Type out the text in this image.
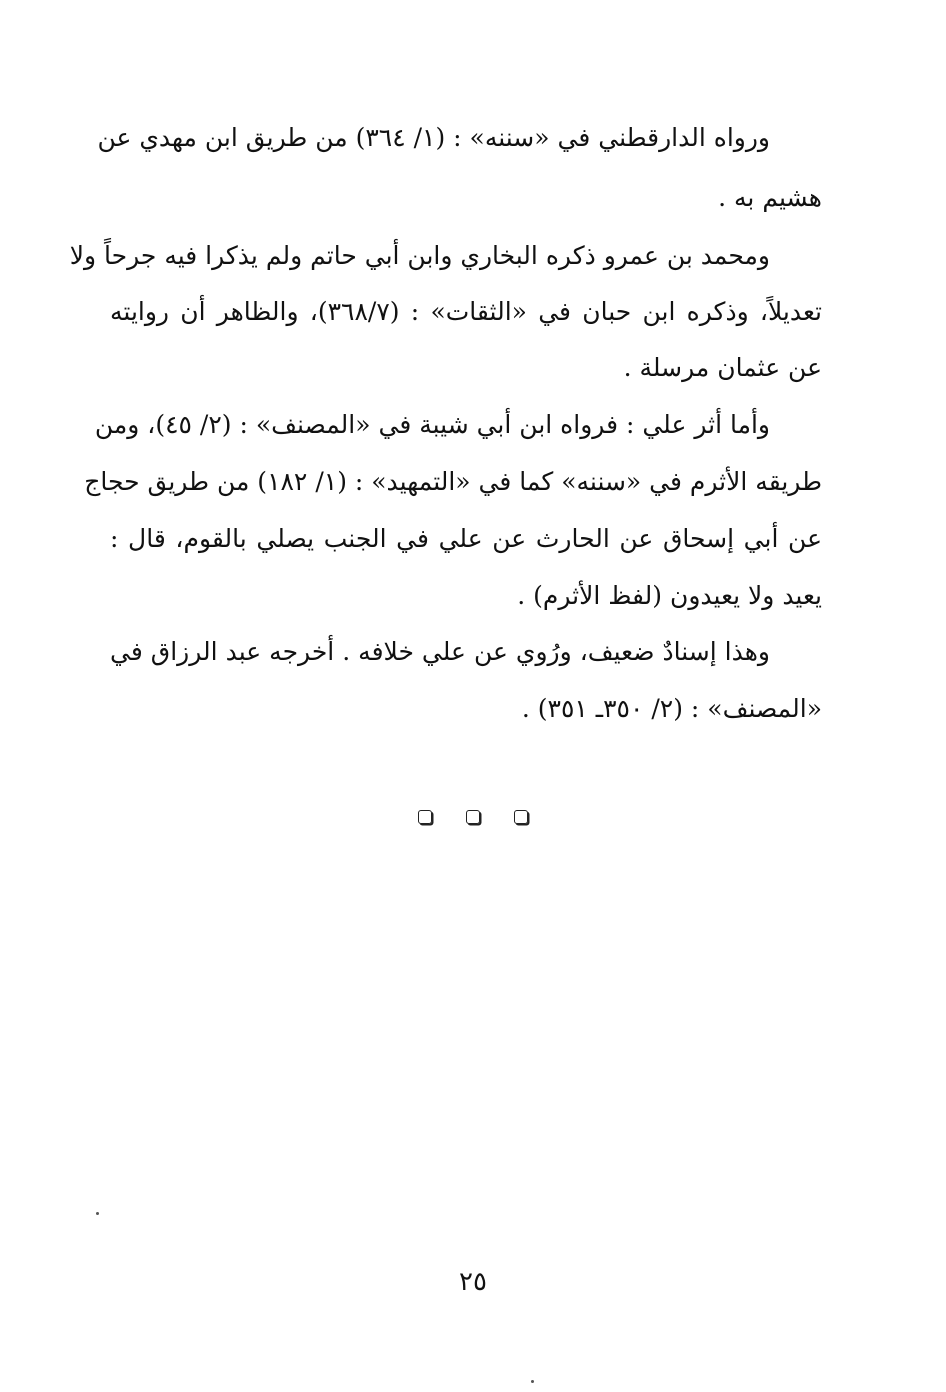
ورواه الدارقطني في «سننه» : (١/ ٣٦٤) من طريق ابن مهدي عن
هشيم به .
ومحمد بن عمرو ذكره البخاري وابن أبي حاتم ولم يذكرا فيه جرحاً ولا
تعديلاً، وذكره ابن حبان في «الثقات» : (٣٦٨/٧)، والظاهر أن روايته
عن عثمان مرسلة .
وأما أثر علي : فرواه ابن أبي شيبة في «المصنف» : (٢/ ٤٥)، ومن
طريقه الأثرم في «سننه» كما في «التمهيد» : (١/ ١٨٢) من طريق حجاج
عن أبي إسحاق عن الحارث عن علي في الجنب يصلي بالقوم، قال :
يعيد ولا يعيدون (لفظ الأثرم) .
وهذا إسنادٌ ضعيف، ورُوي عن علي خلافه . أخرجه عبد الرزاق في
«المصنف» : (٢/ ٣٥٠ـ ٣٥١) .
٢٥
